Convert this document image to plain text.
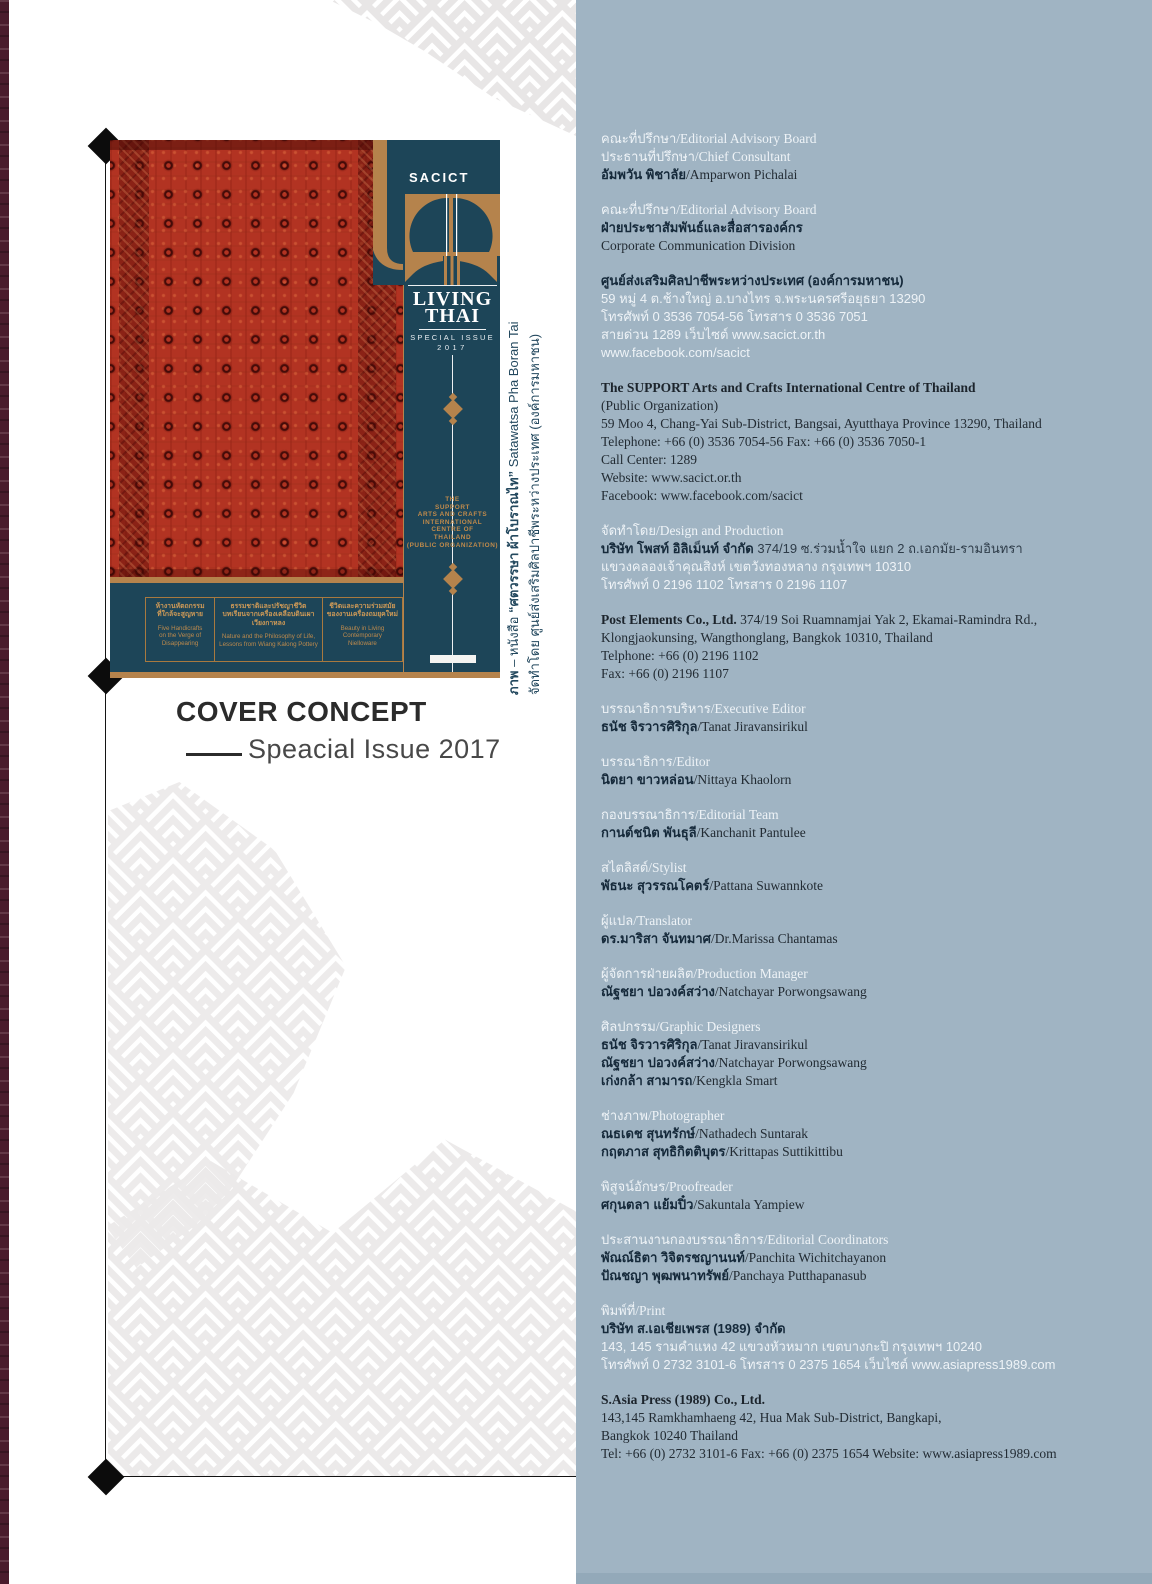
LIVING
THAI
SPECIAL ISSUE
2017
THE
SUPPORT
ARTS AND CRAFTS
INTERNATIONAL
CENTRE OF
THAILAND
(PUBLIC ORGANIZATION)
SACICT
ห้างานหัตถกรรม
ที่ใกล้จะสูญหาย
Five Handicrafts
on the Verge of
Disappearing
ธรรมชาติและปรัชญาชีวิต
บทเรียนจากเครื่องเคลือบดินเผา
เวียงกาหลง
Nature and the Philosophy of Life,
Lessons from Wiang Kalong Pottery
ชีวิตและความร่วมสมัย
ของงานเครื่องถมยุคใหม่
Beauty in Living
Contemporary
Nielloware
ภาพ – หนังสือ “ศตวรรษา ผ้าโบราณไท” Satawatsa Pha Boran Tai จัดทำโดย ศูนย์ส่งเสริมศิลปาชีพระหว่างประเทศ (องค์การมหาชน)
COVER CONCEPT
Speacial Issue 2017
คณะที่ปรึกษา/Editorial Advisory Board
ประธานที่ปรึกษา/Chief Consultant
อัมพวัน พิชาลัย/Amparwon Pichalai
คณะที่ปรึกษา/Editorial Advisory Board
ฝ่ายประชาสัมพันธ์และสื่อสารองค์กร
Corporate Communication Division
ศูนย์ส่งเสริมศิลปาชีพระหว่างประเทศ (องค์การมหาชน)
59 หมู่ 4 ต.ช้างใหญ่ อ.บางไทร จ.พระนครศรีอยุธยา 13290
โทรศัพท์ 0 3536 7054-56 โทรสาร 0 3536 7051
สายด่วน 1289 เว็บไซต์ www.sacict.or.th
www.facebook.com/sacict
The SUPPORT Arts and Crafts International Centre of Thailand
(Public Organization)
59 Moo 4, Chang-Yai Sub-District, Bangsai, Ayutthaya Province 13290, Thailand
Telephone: +66 (0) 3536 7054-56 Fax: +66 (0) 3536 7050-1
Call Center: 1289
Website: www.sacict.or.th
Facebook: www.facebook.com/sacict
จัดทำโดย/Design and Production
บริษัท โพสท์ อิลิเม็นท์ จำกัด 374/19 ซ.ร่วมน้ำใจ แยก 2 ถ.เอกมัย-รามอินทรา
แขวงคลองเจ้าคุณสิงห์ เขตวังทองหลาง กรุงเทพฯ 10310
โทรศัพท์ 0 2196 1102 โทรสาร 0 2196 1107
Post Elements Co., Ltd. 374/19 Soi Ruamnamjai Yak 2, Ekamai-Ramindra Rd.,
Klongjaokunsing, Wangthonglang, Bangkok 10310, Thailand
Telphone: +66 (0) 2196 1102
Fax: +66 (0) 2196 1107
บรรณาธิการบริหาร/Executive Editor
ธนัช จิรวารศิริกุล/Tanat Jiravansirikul
บรรณาธิการ/Editor
นิตยา ขาวหล่อน/Nittaya Khaolorn
กองบรรณาธิการ/Editorial Team
กานต์ชนิต พันธุลี/Kanchanit Pantulee
สไตลิสต์/Stylist
พัธนะ สุวรรณโคตร์/Pattana Suwannkote
ผู้แปล/Translator
ดร.มาริสา จันทมาศ/Dr.Marissa Chantamas
ผู้จัดการฝ่ายผลิต/Production Manager
ณัฐชยา ปอวงค์สว่าง/Natchayar Porwongsawang
ศิลปกรรม/Graphic Designers
ธนัช จิรวารศิริกุล/Tanat Jiravansirikul
ณัฐชยา ปอวงค์สว่าง/Natchayar Porwongsawang
เก่งกล้า สามารถ/Kengkla Smart
ช่างภาพ/Photographer
ณธเดช สุนทรักษ์/Nathadech Suntarak
กฤตภาส สุทธิกิตติบุตร/Krittapas Suttikittibu
พิสูจน์อักษร/Proofreader
ศกุนตลา แย้มปิ๋ว/Sakuntala Yampiew
ประสานงานกองบรรณาธิการ/Editorial Coordinators
พัณณ์ธิตา วิจิตรชญานนท์/Panchita Wichitchayanon
ปัณชญา พุฒพนาทรัพย์/Panchaya Putthapanasub
พิมพ์ที่/Print
บริษัท ส.เอเชียเพรส (1989) จำกัด
143, 145 รามคำแหง 42 แขวงหัวหมาก เขตบางกะปิ กรุงเทพฯ 10240
โทรศัพท์ 0 2732 3101-6 โทรสาร 0 2375 1654 เว็บไซต์ www.asiapress1989.com
S.Asia Press (1989) Co., Ltd.
143,145 Ramkhamhaeng 42, Hua Mak Sub-District, Bangkapi,
Bangkok 10240 Thailand
Tel: +66 (0) 2732 3101-6 Fax: +66 (0) 2375 1654 Website: www.asiapress1989.com
